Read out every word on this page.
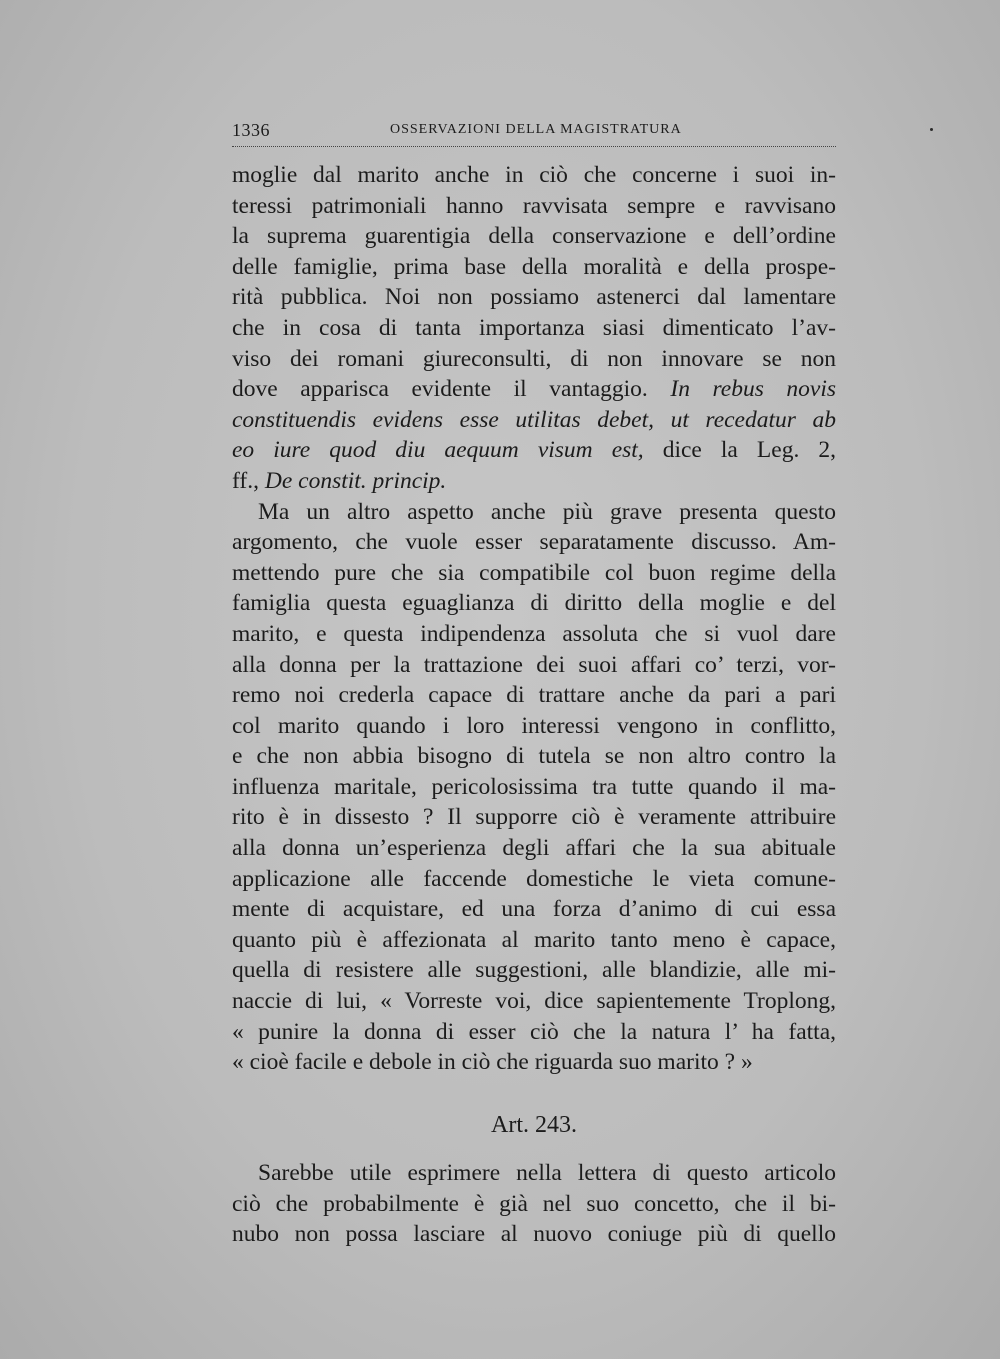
1336	OSSERVAZIONI DELLA MAGISTRATURA
moglie dal marito anche in ciò che concerne i suoi in-
teressi patrimoniali hanno ravvisata sempre e ravvisano
la suprema guarentigia della conservazione e dell’ordine
delle famiglie, prima base della moralità e della prospe-
rità pubblica. Noi non possiamo astenerci dal lamentare
che in cosa di tanta importanza siasi dimenticato l’av-
viso dei romani giureconsulti, di non innovare se non
dove apparisca evidente il vantaggio. In rebus novis
constituendis evidens esse utilitas debet, ut recedatur ab
eo iure quod diu aequum visum est, dice la Leg. 2,
ff., De constit. princip.
Ma un altro aspetto anche più grave presenta questo
argomento, che vuole esser separatamente discusso. Am-
mettendo pure che sia compatibile col buon regime della
famiglia questa eguaglianza di diritto della moglie e del
marito, e questa indipendenza assoluta che si vuol dare
alla donna per la trattazione dei suoi affari co’ terzi, vor-
remo noi crederla capace di trattare anche da pari a pari
col marito quando i loro interessi vengono in conflitto,
e che non abbia bisogno di tutela se non altro contro la
influenza maritale, pericolosissima tra tutte quando il ma-
rito è in dissesto ? Il supporre ciò è veramente attribuire
alla donna un’esperienza degli affari che la sua abituale
applicazione alle faccende domestiche le vieta comune-
mente di acquistare, ed una forza d’animo di cui essa
quanto più è affezionata al marito tanto meno è capace,
quella di resistere alle suggestioni, alle blandizie, alle mi-
naccie di lui, « Vorreste voi, dice sapientemente Troplong,
« punire la donna di esser ciò che la natura l’ ha fatta,
« cioè facile e debole in ciò che riguarda suo marito ? »
Art. 243.
Sarebbe utile esprimere nella lettera di questo articolo
ciò che probabilmente è già nel suo concetto, che il bi-
nubo non possa lasciare al nuovo coniuge più di quello
